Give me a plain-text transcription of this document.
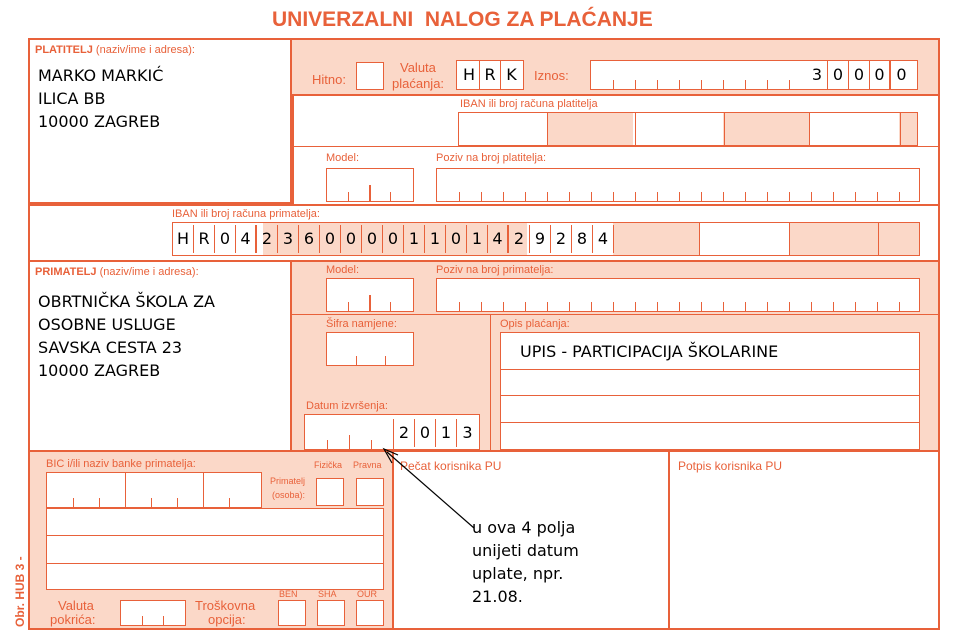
UNIVERZALNI  NALOG ZA PLAĆANJE
Obr. HUB 3 -
PLATITELJ (naziv/ime i adresa):
MARKO MARKIĆ
ILICA BB
10000 ZAGREB
Hitno:
Valuta
plaćanja: H R K	Iznos:	3 0 0 0 0
IBAN ili broj računa platitelja
Model:	Poziv na broj platitelja:
IBAN ili broj računa primatelja:
H R 0 4 2 3 6 0 0 0 0 1 1 0 1 4 2 9 2 8 4
PRIMATELJ (naziv/ime i adresa):
OBRTNIČKA ŠKOLA ZA
OSOBNE USLUGE
SAVSKA CESTA 23
10000 ZAGREB
Model:	Poziv na broj primatelja:
Šifra namjene:	Opis plaćanja:
UPIS - PARTICIPACIJA ŠKOLARINE
Datum izvršenja:
2 0 1 3
BIC i/ili naziv banke primatelja:	Fizička Pravna
Primatelj
(osoba):
Valuta
pokrića:
Troškovna
opcija:
BEN SHA OUR
Pečat korisnika PU	Potpis korisnika PU
u ova 4 polja
unijeti datum
uplate, npr.
21.08.
